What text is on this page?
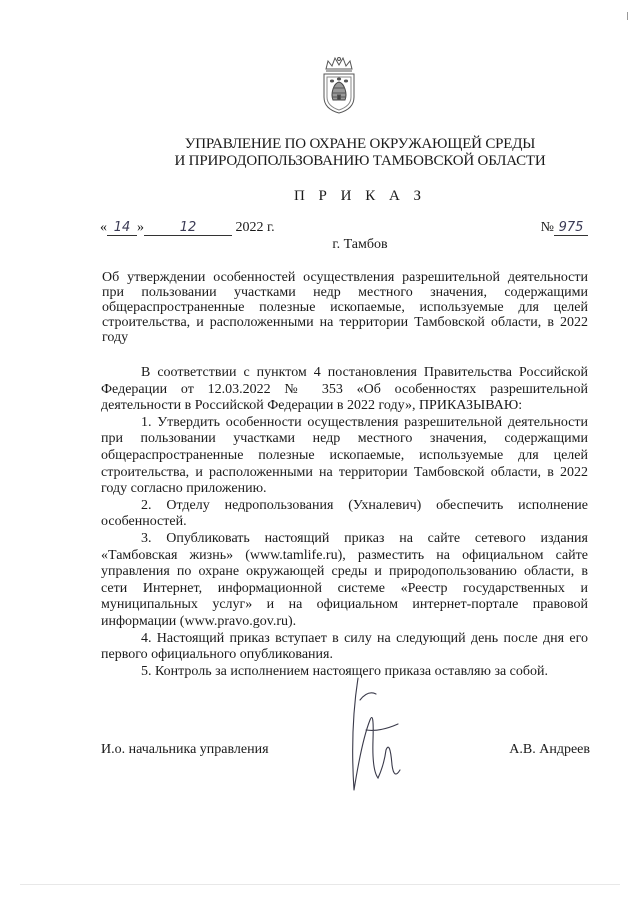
УПРАВЛЕНИЕ ПО ОХРАНЕ ОКРУЖАЮЩЕЙ СРЕДЫ
И ПРИРОДОПОЛЬЗОВАНИЮ ТАМБОВСКОЙ ОБЛАСТИ
П Р И К А З
« 14 »	12	2022 г.	№ 975
г. Тамбов
Об утверждении особенностей осуществления разрешительной деятельности при пользовании участками недр местного значения, содержащими общераспространенные полезные ископаемые, используемые для целей строительства, и расположенными на территории Тамбовской области, в 2022 году

В соответствии с пунктом 4 постановления Правительства Российской Федерации от 12.03.2022 № 353 «Об особенностях разрешительной деятельности в Российской Федерации в 2022 году», ПРИКАЗЫВАЮ:

1. Утвердить особенности осуществления разрешительной деятельности при пользовании участками недр местного значения, содержащими общераспространенные полезные ископаемые, используемые для целей строительства, и расположенными на территории Тамбовской области, в 2022 году согласно приложению.

2. Отделу недропользования (Ухналевич) обеспечить исполнение особенностей.

3. Опубликовать настоящий приказ на сайте сетевого издания «Тамбовская жизнь» (www.tamlife.ru), разместить на официальном сайте управления по охране окружающей среды и природопользованию области, в сети Интернет, информационной системе «Реестр государственных и муниципальных услуг» и на официальном интернет-портале правовой информации (www.pravo.gov.ru).

4. Настоящий приказ вступает в силу на следующий день после дня его первого официального опубликования.

5. Контроль за исполнением настоящего приказа оставляю за собой.

И.о. начальника управления	А.В. Андреев
